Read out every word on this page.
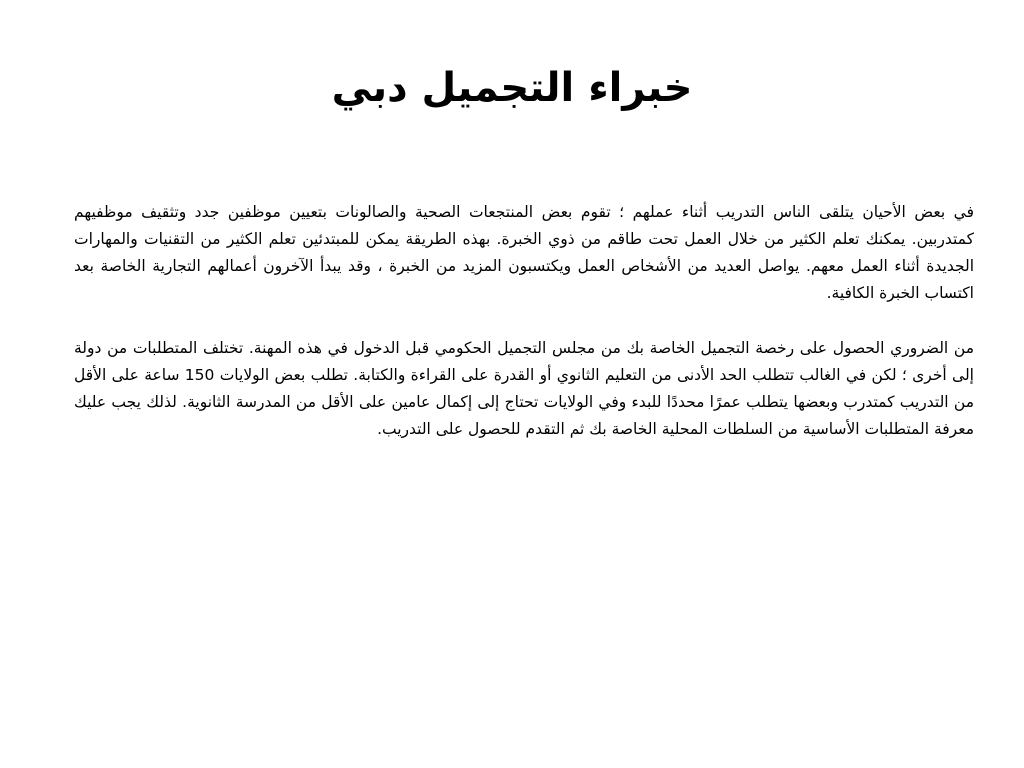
خبراء التجميل دبي

في بعض الأحيان يتلقى الناس التدريب أثناء عملهم ؛ تقوم بعض المنتجعات الصحية والصالونات بتعيين موظفين جدد وتثقيف موظفيهم كمتدربين. يمكنك تعلم الكثير من خلال العمل تحت طاقم من ذوي الخبرة. بهذه الطريقة يمكن للمبتدئين تعلم الكثير من التقنيات والمهارات الجديدة أثناء العمل معهم. يواصل العديد من الأشخاص العمل ويكتسبون المزيد من الخبرة ، وقد يبدأ الآخرون أعمالهم التجارية الخاصة بعد اكتساب الخبرة الكافية.

من الضروري الحصول على رخصة التجميل الخاصة بك من مجلس التجميل الحكومي قبل الدخول في هذه المهنة. تختلف المتطلبات من دولة إلى أخرى ؛ لكن في الغالب تتطلب الحد الأدنى من التعليم الثانوي أو القدرة على القراءة والكتابة. تطلب بعض الولايات 150 ساعة على الأقل من التدريب كمتدرب وبعضها يتطلب عمرًا محددًا للبدء وفي الولايات تحتاج إلى إكمال عامين على الأقل من المدرسة الثانوية. لذلك يجب عليك معرفة المتطلبات الأساسية من السلطات المحلية الخاصة بك ثم التقدم للحصول على التدريب.
